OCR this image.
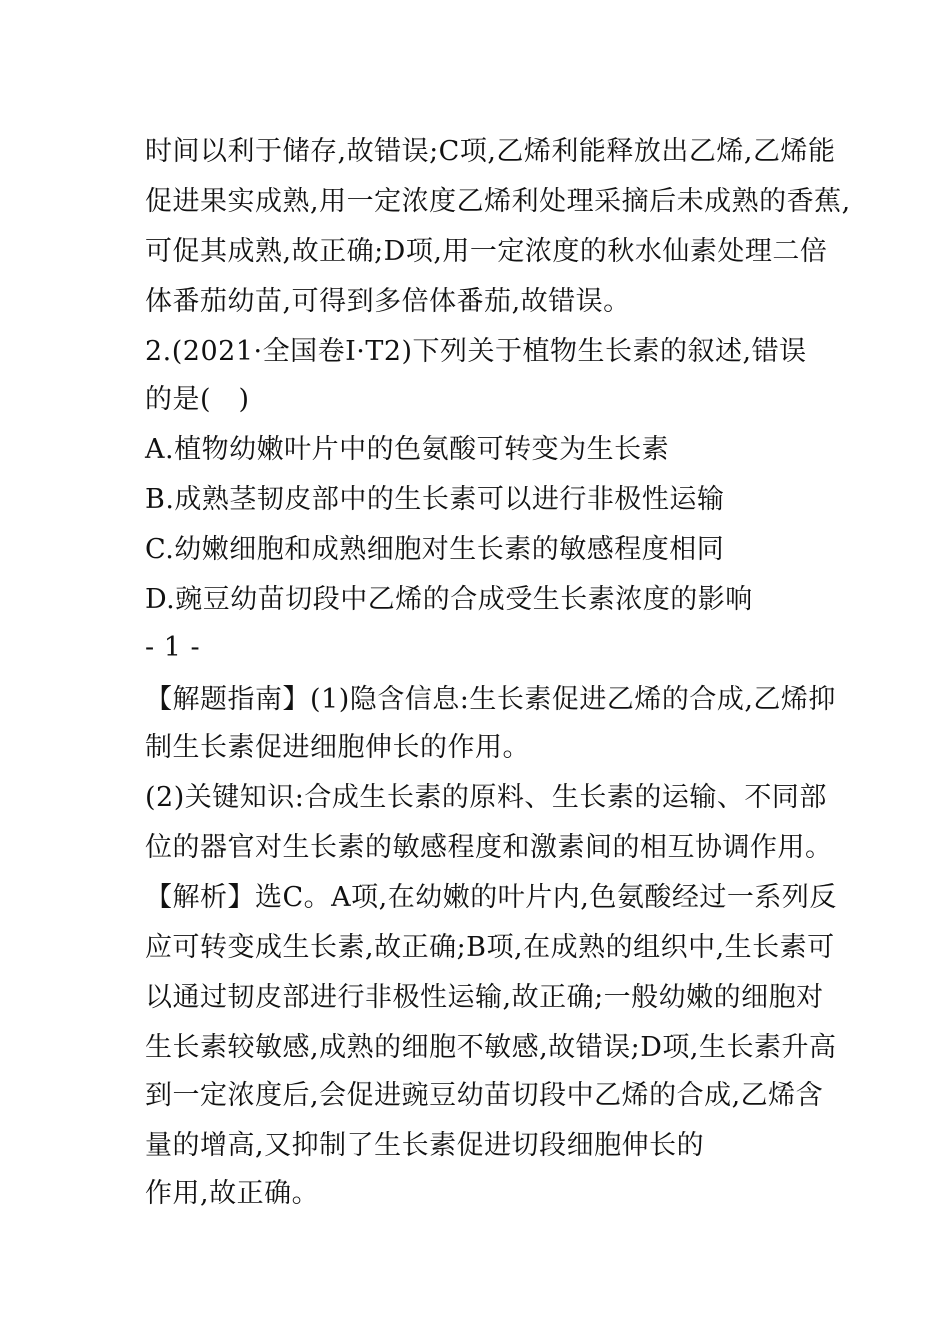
时间以利于储存,故错误;C项,乙烯利能释放出乙烯,乙烯能
促进果实成熟,用一定浓度乙烯利处理采摘后未成熟的香蕉,
可促其成熟,故正确;D项,用一定浓度的秋水仙素处理二倍
体番茄幼苗,可得到多倍体番茄,故错误。
2.(2021·全国卷Ⅰ·T2)下列关于植物生长素的叙述,错误
的是(　)
A.植物幼嫩叶片中的色氨酸可转变为生长素
B.成熟茎韧皮部中的生长素可以进行非极性运输
C.幼嫩细胞和成熟细胞对生长素的敏感程度相同
D.豌豆幼苗切段中乙烯的合成受生长素浓度的影响
- 1 -
【解题指南】(1)隐含信息:生长素促进乙烯的合成,乙烯抑
制生长素促进细胞伸长的作用。
(2)关键知识:合成生长素的原料、生长素的运输、不同部
位的器官对生长素的敏感程度和激素间的相互协调作用。
【解析】选C。A项,在幼嫩的叶片内,色氨酸经过一系列反
应可转变成生长素,故正确;B项,在成熟的组织中,生长素可
以通过韧皮部进行非极性运输,故正确;一般幼嫩的细胞对
生长素较敏感,成熟的细胞不敏感,故错误;D项,生长素升高
到一定浓度后,会促进豌豆幼苗切段中乙烯的合成,乙烯含
量的增高,又抑制了生长素促进切段细胞伸长的
作用,故正确。
